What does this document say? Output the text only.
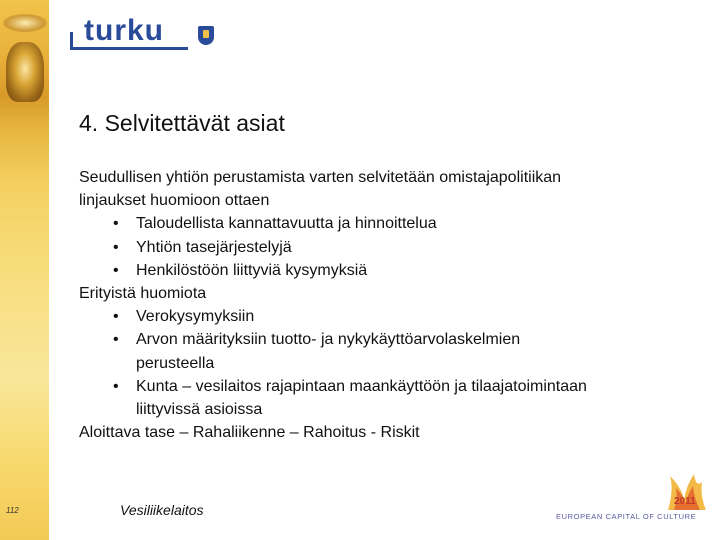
turku
4. Selvitettävät asiat

Seudullisen yhtiön perustamista varten selvitetään omistajapolitiikan

linjaukset huomioon ottaen

• Taloudellista kannattavuutta ja hinnoittelua

• Yhtiön tasejärjestelyjä

• Henkilöstöön liittyviä kysymyksiä

Erityistä huomiota

• Verokysymyksiin

• Arvon määrityksiin tuotto- ja nykykäyttöarvolaskelmien

perusteella

• Kunta – vesilaitos rajapintaan maankäyttöön ja tilaajatoimintaan

liittyvissä asioissa

Aloittava tase – Rahaliikenne – Rahoitus - Riskit

112	Vesiliikelaitos
2011
EUROPEAN CAPITAL OF CULTURE
